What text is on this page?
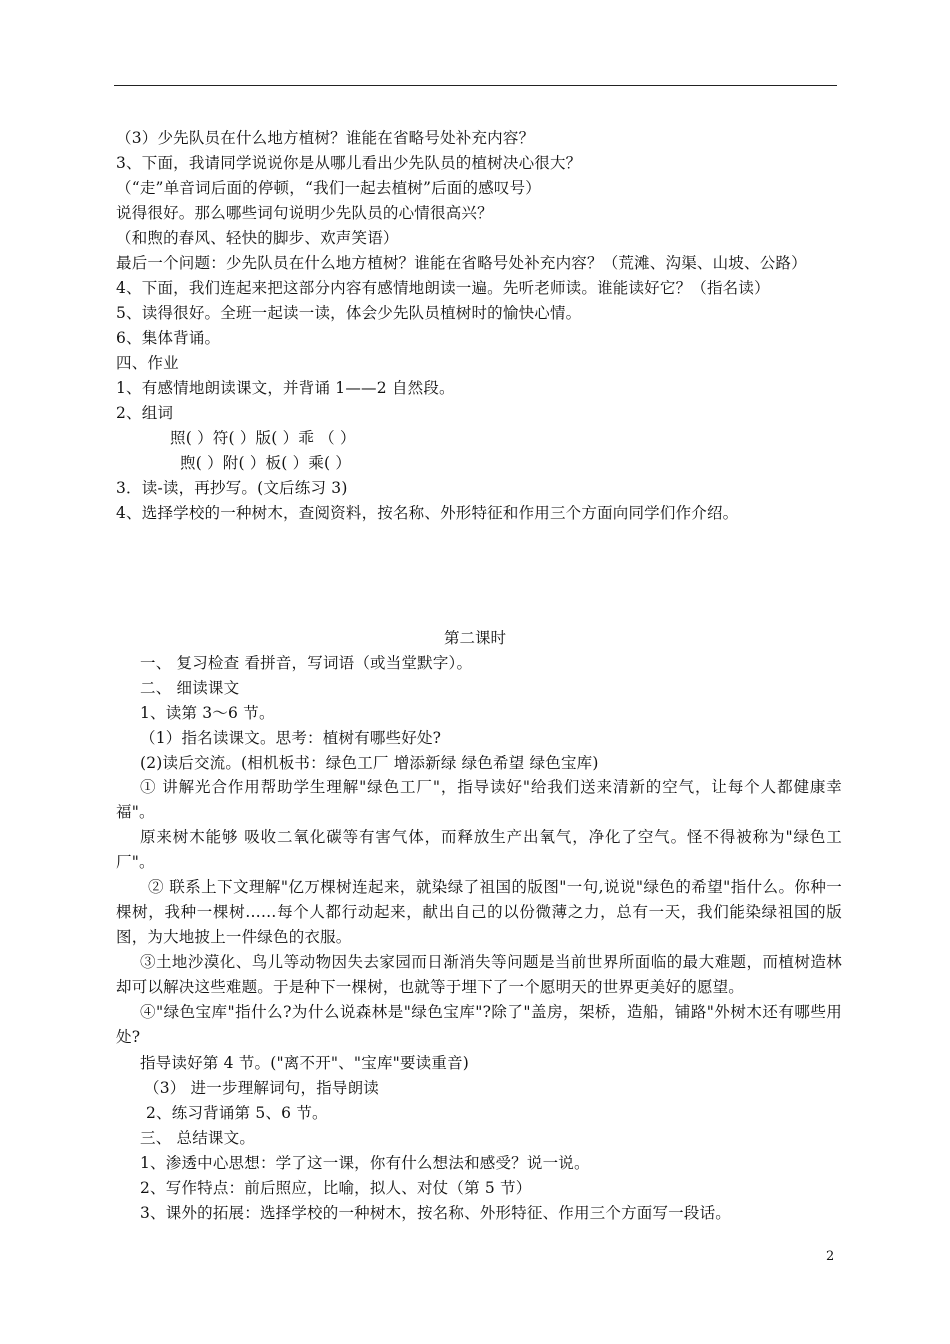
（3）少先队员在什么地方植树？谁能在省略号处补充内容？
3、下面，我请同学说说你是从哪儿看出少先队员的植树决心很大？
（“走”单音词后面的停顿，“我们一起去植树”后面的感叹号）
说得很好。那么哪些词句说明少先队员的心情很高兴？
（和煦的春风、轻快的脚步、欢声笑语）
最后一个问题：少先队员在什么地方植树？谁能在省略号处补充内容？（荒滩、沟渠、山坡、公路）
4、下面，我们连起来把这部分内容有感情地朗读一遍。先听老师读。谁能读好它？（指名读）
5、读得很好。全班一起读一读，体会少先队员植树时的愉快心情。
6、集体背诵。
四、作业
1、有感情地朗读课文，并背诵 1——2 自然段。
2、组词
照( ）符( ）版( ）乖 （ ）
煦( ）附( ）板( ）乘( ）
3．读-读，再抄写。(文后练习 3)
4、选择学校的一种树木，查阅资料，按名称、外形特征和作用三个方面向同学们作介绍。
第二课时
一、 复习检查 看拼音，写词语（或当堂默字）。
二、 细读课文
1、读第 3～6 节。
（1）指名读课文。思考：植树有哪些好处?
(2)读后交流。(相机板书：绿色工厂 增添新绿 绿色希望 绿色宝库)
① 讲解光合作用帮助学生理解"绿色工厂"，指导读好"给我们送来清新的空气，让每个人都健康幸福"。
原来树木能够 吸收二氧化碳等有害气体，而释放生产出氧气，净化了空气。怪不得被称为"绿色工厂"。
② 联系上下文理解"亿万棵树连起来，就染绿了祖国的版图"一句,说说"绿色的希望"指什么。你种一棵树，我种一棵树……每个人都行动起来，献出自己的以份微薄之力，总有一天，我们能染绿祖国的版图，为大地披上一件绿色的衣服。
③土地沙漠化、鸟儿等动物因失去家园而日渐消失等问题是当前世界所面临的最大难题，而植树造林却可以解决这些难题。于是种下一棵树，也就等于埋下了一个愿明天的世界更美好的愿望。
④"绿色宝库"指什么?为什么说森林是"绿色宝库"?除了"盖房，架桥，造船，铺路"外树木还有哪些用处?
指导读好第 4 节。("离不开"、"宝库"要读重音)
（3） 进一步理解词句，指导朗读
2、练习背诵第 5、6 节。
三、 总结课文。
1、渗透中心思想：学了这一课，你有什么想法和感受？说一说。
2、写作特点：前后照应，比喻，拟人、对仗（第 5 节）
3、课外的拓展：选择学校的一种树木，按名称、外形特征、作用三个方面写一段话。
2
